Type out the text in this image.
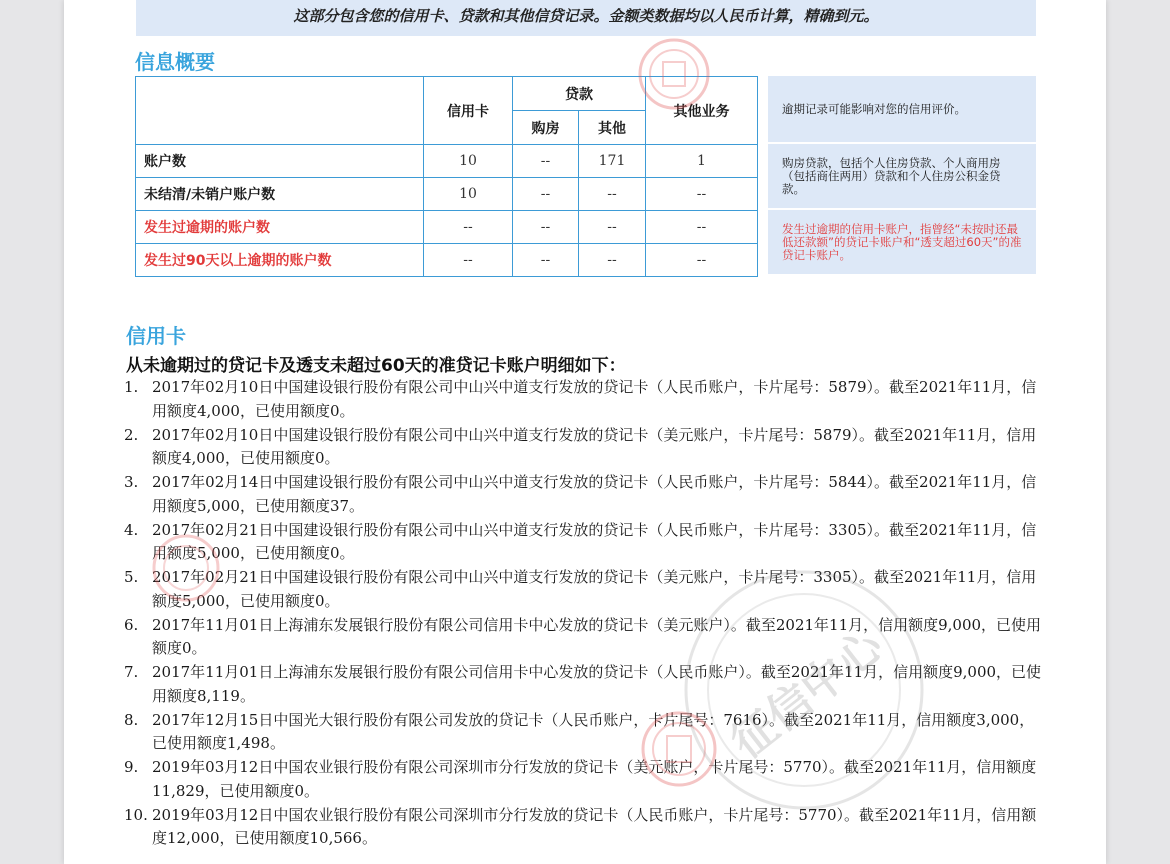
这部分包含您的信用卡、贷款和其他信贷记录。金额类数据均以人民币计算，精确到元。
信息概要
	信用卡	贷款		其他业务
		购房	其他	
账户数	10	--	171	1
未结清/未销户账户数	10	--	--	--
发生过逾期的账户数	--	--	--	--
发生过90天以上逾期的账户数	--	--	--	--
逾期记录可能影响对您的信用评价。
购房贷款，包括个人住房贷款、个人商用房（包括商住两用）贷款和个人住房公积金贷款。
发生过逾期的信用卡账户，指曾经“未按时还最低还款额”的贷记卡账户和“透支超过60天”的准贷记卡账户。
信用卡
从未逾期过的贷记卡及透支未超过60天的准贷记卡账户明细如下：
1. 2017年02月10日中国建设银行股份有限公司中山兴中道支行发放的贷记卡（人民币账户，卡片尾号：5879）。截至2021年11月，信用额度4,000，已使用额度0。
2. 2017年02月10日中国建设银行股份有限公司中山兴中道支行发放的贷记卡（美元账户，卡片尾号：5879）。截至2021年11月，信用额度4,000，已使用额度0。
3. 2017年02月14日中国建设银行股份有限公司中山兴中道支行发放的贷记卡（人民币账户，卡片尾号：5844）。截至2021年11月，信用额度5,000，已使用额度37。
4. 2017年02月21日中国建设银行股份有限公司中山兴中道支行发放的贷记卡（人民币账户，卡片尾号：3305）。截至2021年11月，信用额度5,000，已使用额度0。
5. 2017年02月21日中国建设银行股份有限公司中山兴中道支行发放的贷记卡（美元账户，卡片尾号：3305）。截至2021年11月，信用额度5,000，已使用额度0。
6. 2017年11月01日上海浦东发展银行股份有限公司信用卡中心发放的贷记卡（美元账户）。截至2021年11月，信用额度9,000，已使用额度0。
7. 2017年11月01日上海浦东发展银行股份有限公司信用卡中心发放的贷记卡（人民币账户）。截至2021年11月，信用额度9,000，已使用额度8,119。
8. 2017年12月15日中国光大银行股份有限公司发放的贷记卡（人民币账户，卡片尾号：7616）。截至2021年11月，信用额度3,000，已使用额度1,498。
9. 2019年03月12日中国农业银行股份有限公司深圳市分行发放的贷记卡（美元账户，卡片尾号：5770）。截至2021年11月，信用额度11,829，已使用额度0。
10. 2019年03月12日中国农业银行股份有限公司深圳市分行发放的贷记卡（人民币账户，卡片尾号：5770）。截至2021年11月，信用额度12,000，已使用额度10,566。
征信中心
